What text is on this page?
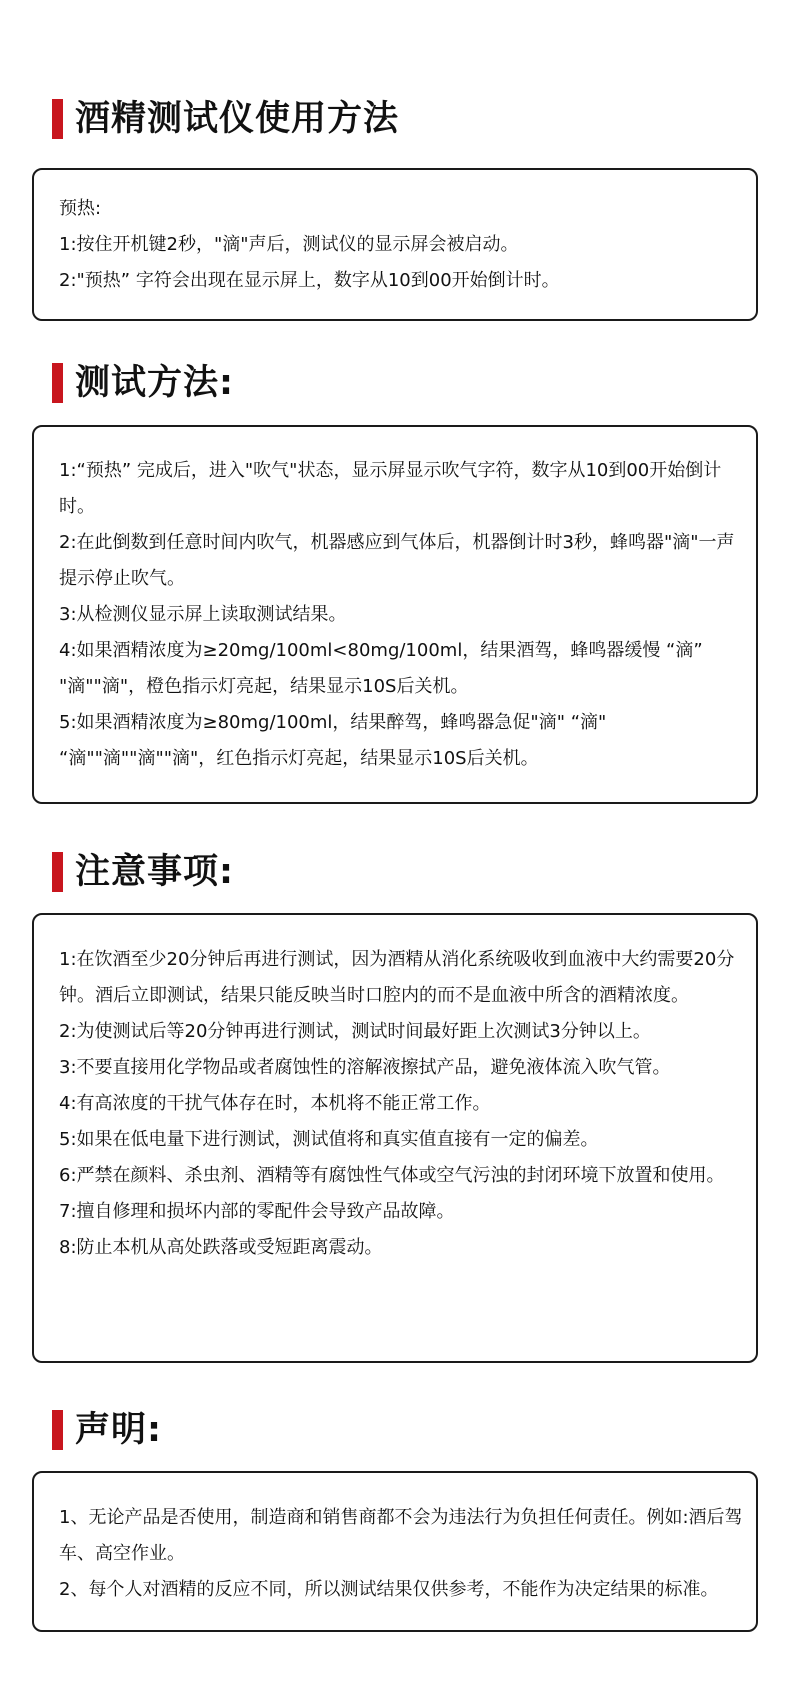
酒精测试仪使用方法

预热:

1:按住开机键2秒，"滴"声后，测试仪的显示屏会被启动。

2:"预热” 字符会出现在显示屏上，数字从10到00开始倒计时。

测试方法:

1:“预热” 完成后，进入"吹气"状态，显示屏显示吹气字符，数字从10到00开始倒计时。

2:在此倒数到任意时间内吹气，机器感应到气体后，机器倒计时3秒，蜂鸣器"滴"一声提示停止吹气。

3:从检测仪显示屏上读取测试结果。

4:如果酒精浓度为≥20mg/100ml<80mg/100ml，结果酒驾，蜂鸣器缓慢 “滴” "滴""滴"，橙色指示灯亮起，结果显示10S后关机。

5:如果酒精浓度为≥80mg/100ml，结果醉驾，蜂鸣器急促"滴" “滴" “滴""滴""滴""滴"，红色指示灯亮起，结果显示10S后关机。

注意事项:

1:在饮酒至少20分钟后再进行测试，因为酒精从消化系统吸收到血液中大约需要20分钟。酒后立即测试，结果只能反映当时口腔内的而不是血液中所含的酒精浓度。

2:为使测试后等20分钟再进行测试，测试时间最好距上次测试3分钟以上。

3:不要直接用化学物品或者腐蚀性的溶解液擦拭产品，避免液体流入吹气管。

4:有高浓度的干扰气体存在时，本机将不能正常工作。

5:如果在低电量下进行测试，测试值将和真实值直接有一定的偏差。

6:严禁在颜料、杀虫剂、酒精等有腐蚀性气体或空气污浊的封闭环境下放置和使用。

7:擅自修理和损坏内部的零配件会导致产品故障。

8:防止本机从高处跌落或受短距离震动。

声明:

1、无论产品是否使用，制造商和销售商都不会为违法行为负担任何责任。例如:酒后驾车、高空作业。

2、每个人对酒精的反应不同，所以测试结果仅供参考，不能作为决定结果的标准。
